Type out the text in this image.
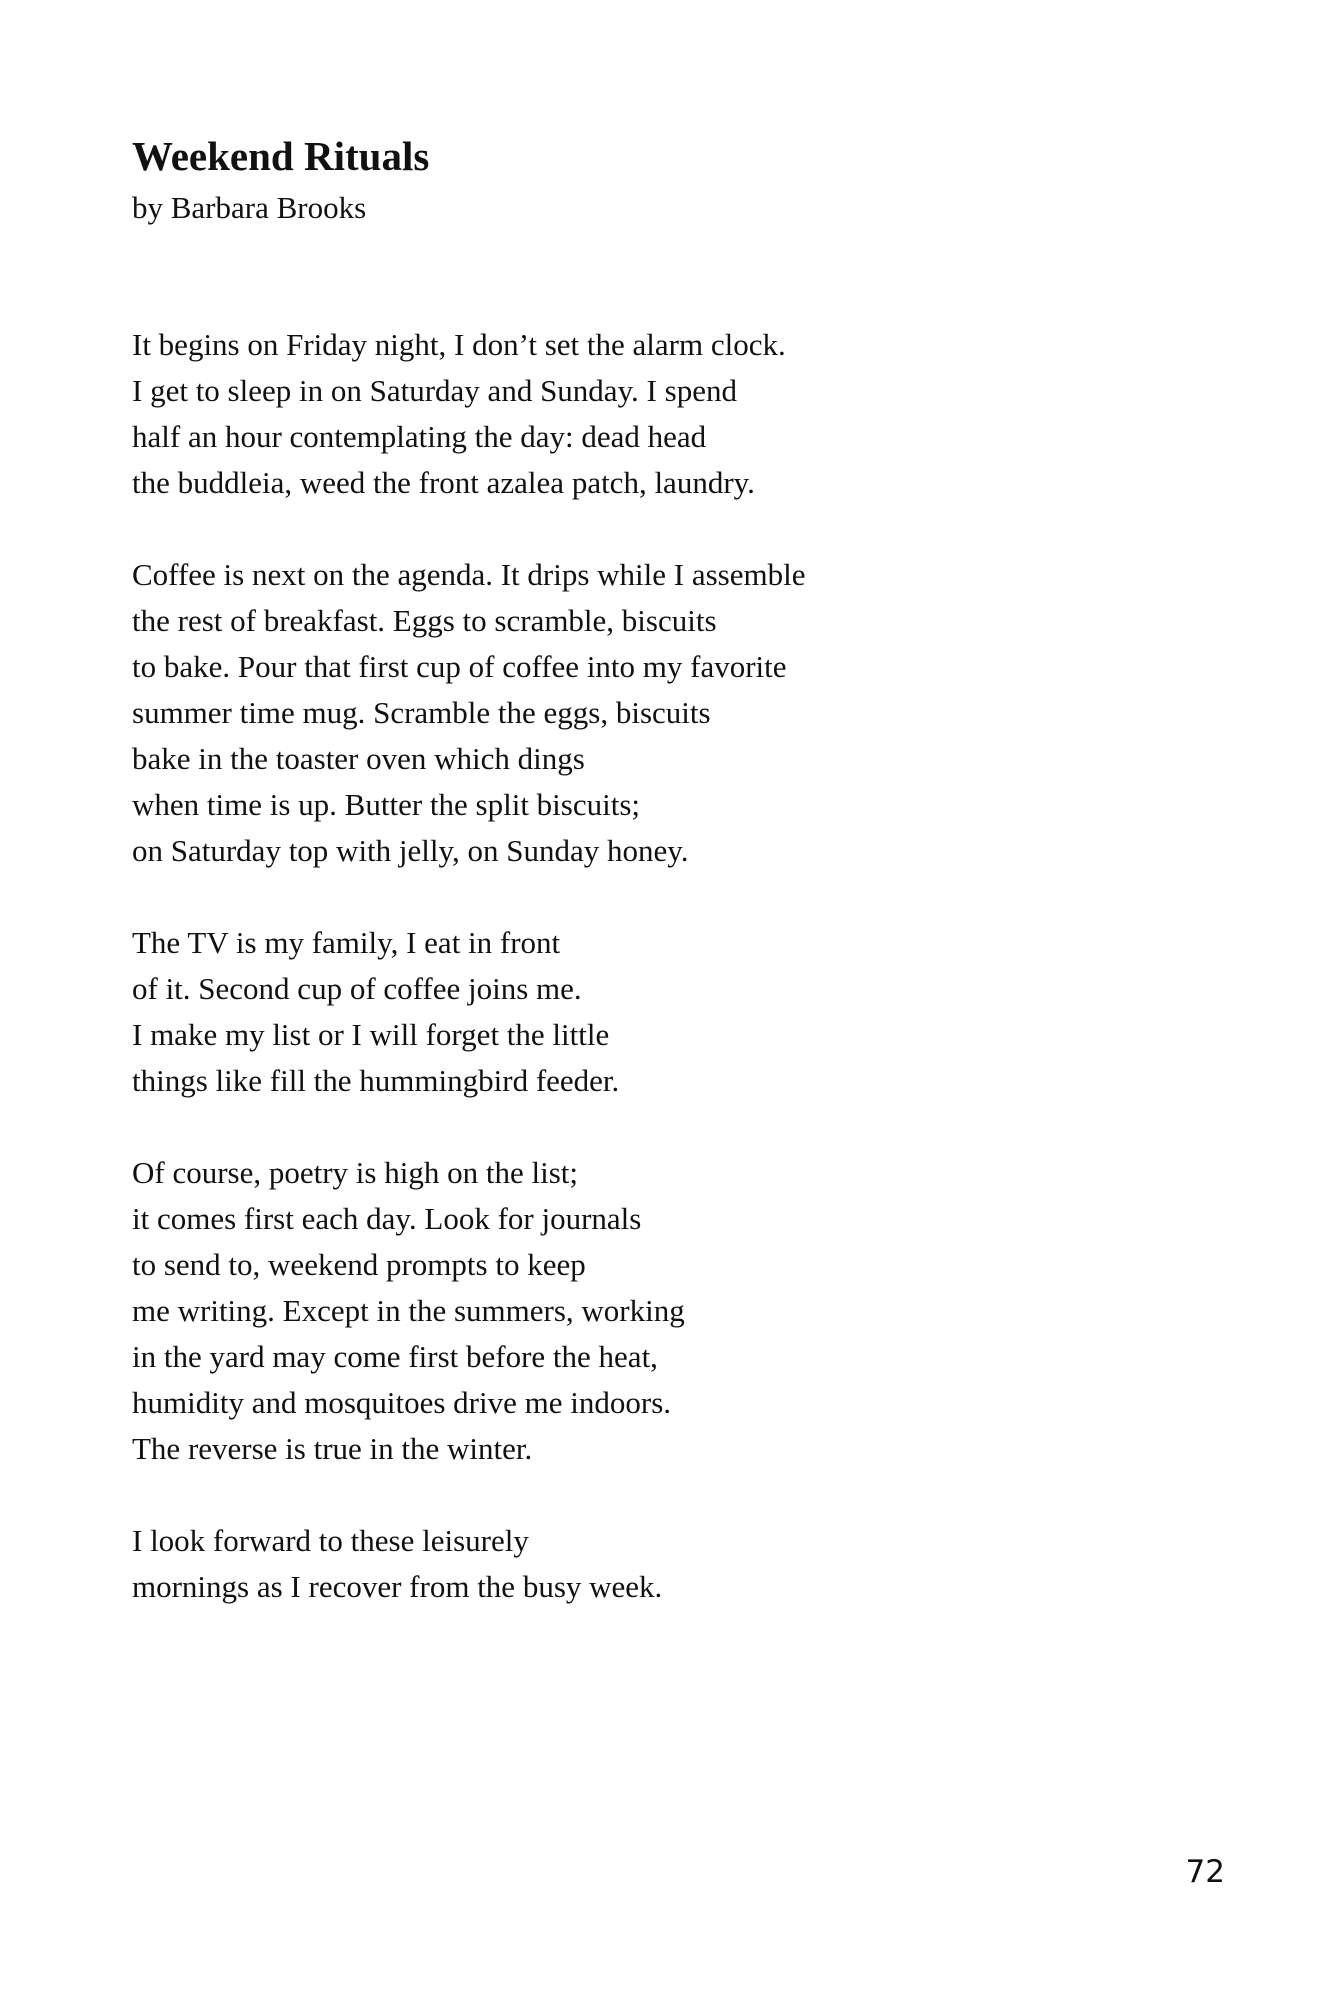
Weekend Rituals

by Barbara Brooks

It begins on Friday night, I don’t set the alarm clock.
I get to sleep in on Saturday and Sunday. I spend
half an hour contemplating the day: dead head
the buddleia, weed the front azalea patch, laundry.
Coffee is next on the agenda. It drips while I assemble
the rest of breakfast. Eggs to scramble, biscuits
to bake. Pour that first cup of coffee into my favorite
summer time mug. Scramble the eggs, biscuits
bake in the toaster oven which dings
when time is up. Butter the split biscuits;
on Saturday top with jelly, on Sunday honey.
The TV is my family, I eat in front
of it. Second cup of coffee joins me.
I make my list or I will forget the little
things like fill the hummingbird feeder.
Of course, poetry is high on the list;
it comes first each day. Look for journals
to send to, weekend prompts to keep
me writing. Except in the summers, working
in the yard may come first before the heat,
humidity and mosquitoes drive me indoors.
The reverse is true in the winter.
I look forward to these leisurely
mornings as I recover from the busy week.
72
